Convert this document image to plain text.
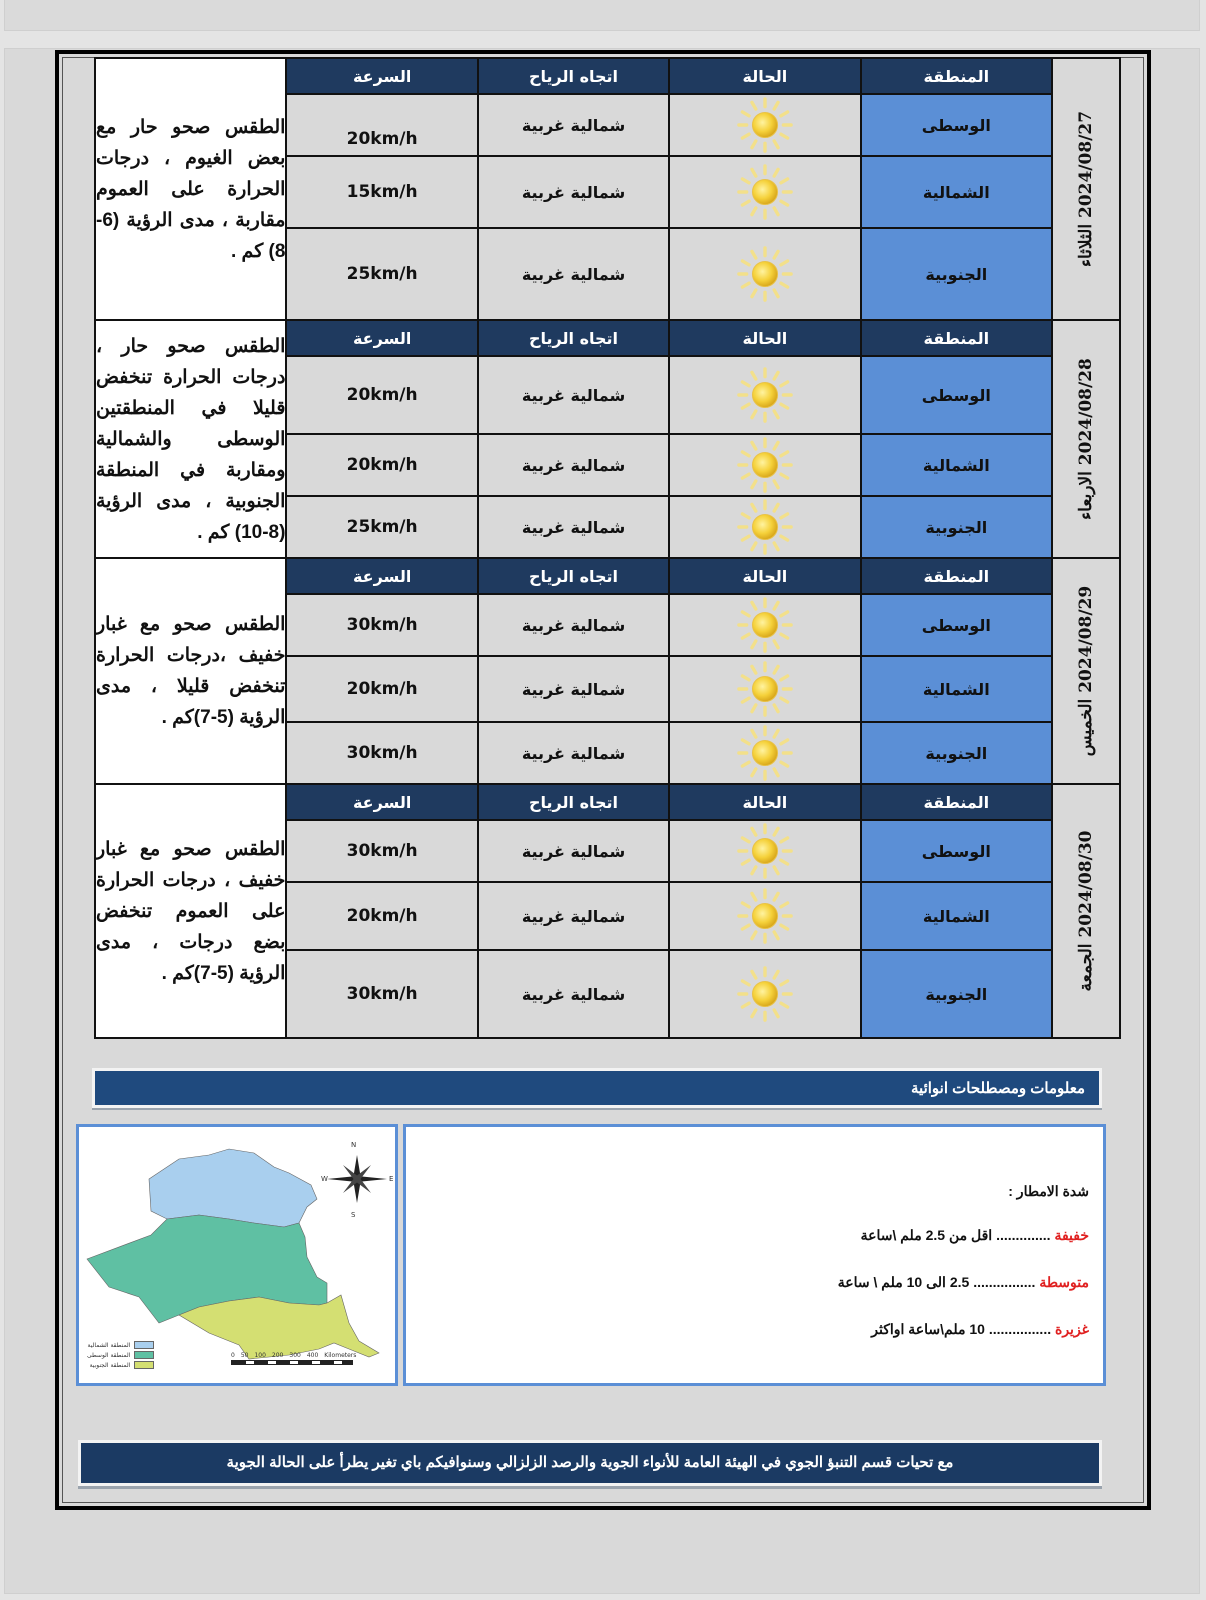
2024/08/27 الثلاثاء	المنطقة	الحالة	اتجاه الرياح	السرعة	الطقس صحو حار مع بعض الغيوم ، درجات الحرارة على العموم مقاربة ، مدى الرؤية (6-8) كم .
	الوسطى		شمالية غربية	20km/h	
	الشمالية		شمالية غربية	15km/h	
	الجنوبية		شمالية غربية	25km/h	

2024/08/28 الاربعاء	المنطقة	الحالة	اتجاه الرياح	السرعة	الطقس صحو حار ، درجات الحرارة تنخفض قليلا في المنطقتين الوسطى والشمالية ومقاربة في المنطقة الجنوبية ، مدى الرؤية (8-10) كم .
	الوسطى		شمالية غربية	20km/h	
	الشمالية		شمالية غربية	20km/h	
	الجنوبية		شمالية غربية	25km/h	

2024/08/29 الخميس	المنطقة	الحالة	اتجاه الرياح	السرعة	الطقس صحو مع غبار خفيف ،درجات الحرارة تنخفض قليلا ، مدى الرؤية (5-7)كم .
	الوسطى		شمالية غربية	30km/h	
	الشمالية		شمالية غربية	20km/h	
	الجنوبية		شمالية غربية	30km/h	

2024/08/30 الجمعة	المنطقة	الحالة	اتجاه الرياح	السرعة	الطقس صحو مع غبار خفيف ، درجات الحرارة على العموم تنخفض بضع درجات ، مدى الرؤية (5-7)كم .
	الوسطى		شمالية غربية	30km/h	
	الشمالية		شمالية غربية	20km/h	
	الجنوبية		شمالية غربية	30km/h	
معلومات ومصطلحات انوائية
شدة الامطار :
خفيفة .............. اقل من 2.5 ملم \ساعة
متوسطة ................ 2.5 الى 10 ملم \ ساعة
غزيرة ................ 10 ملم\ساعة اواكثر
N
S
W	E
المنطقة الشمالية
المنطقة الوسطى
المنطقة الجنوبية
0 50 100 200 300 400 Kilometers
مع تحيات قسم التنبؤ الجوي في الهيئة العامة للأنواء الجوية والرصد الزلزالي وسنوافيكم باي تغير يطرأ على الحالة الجوية
